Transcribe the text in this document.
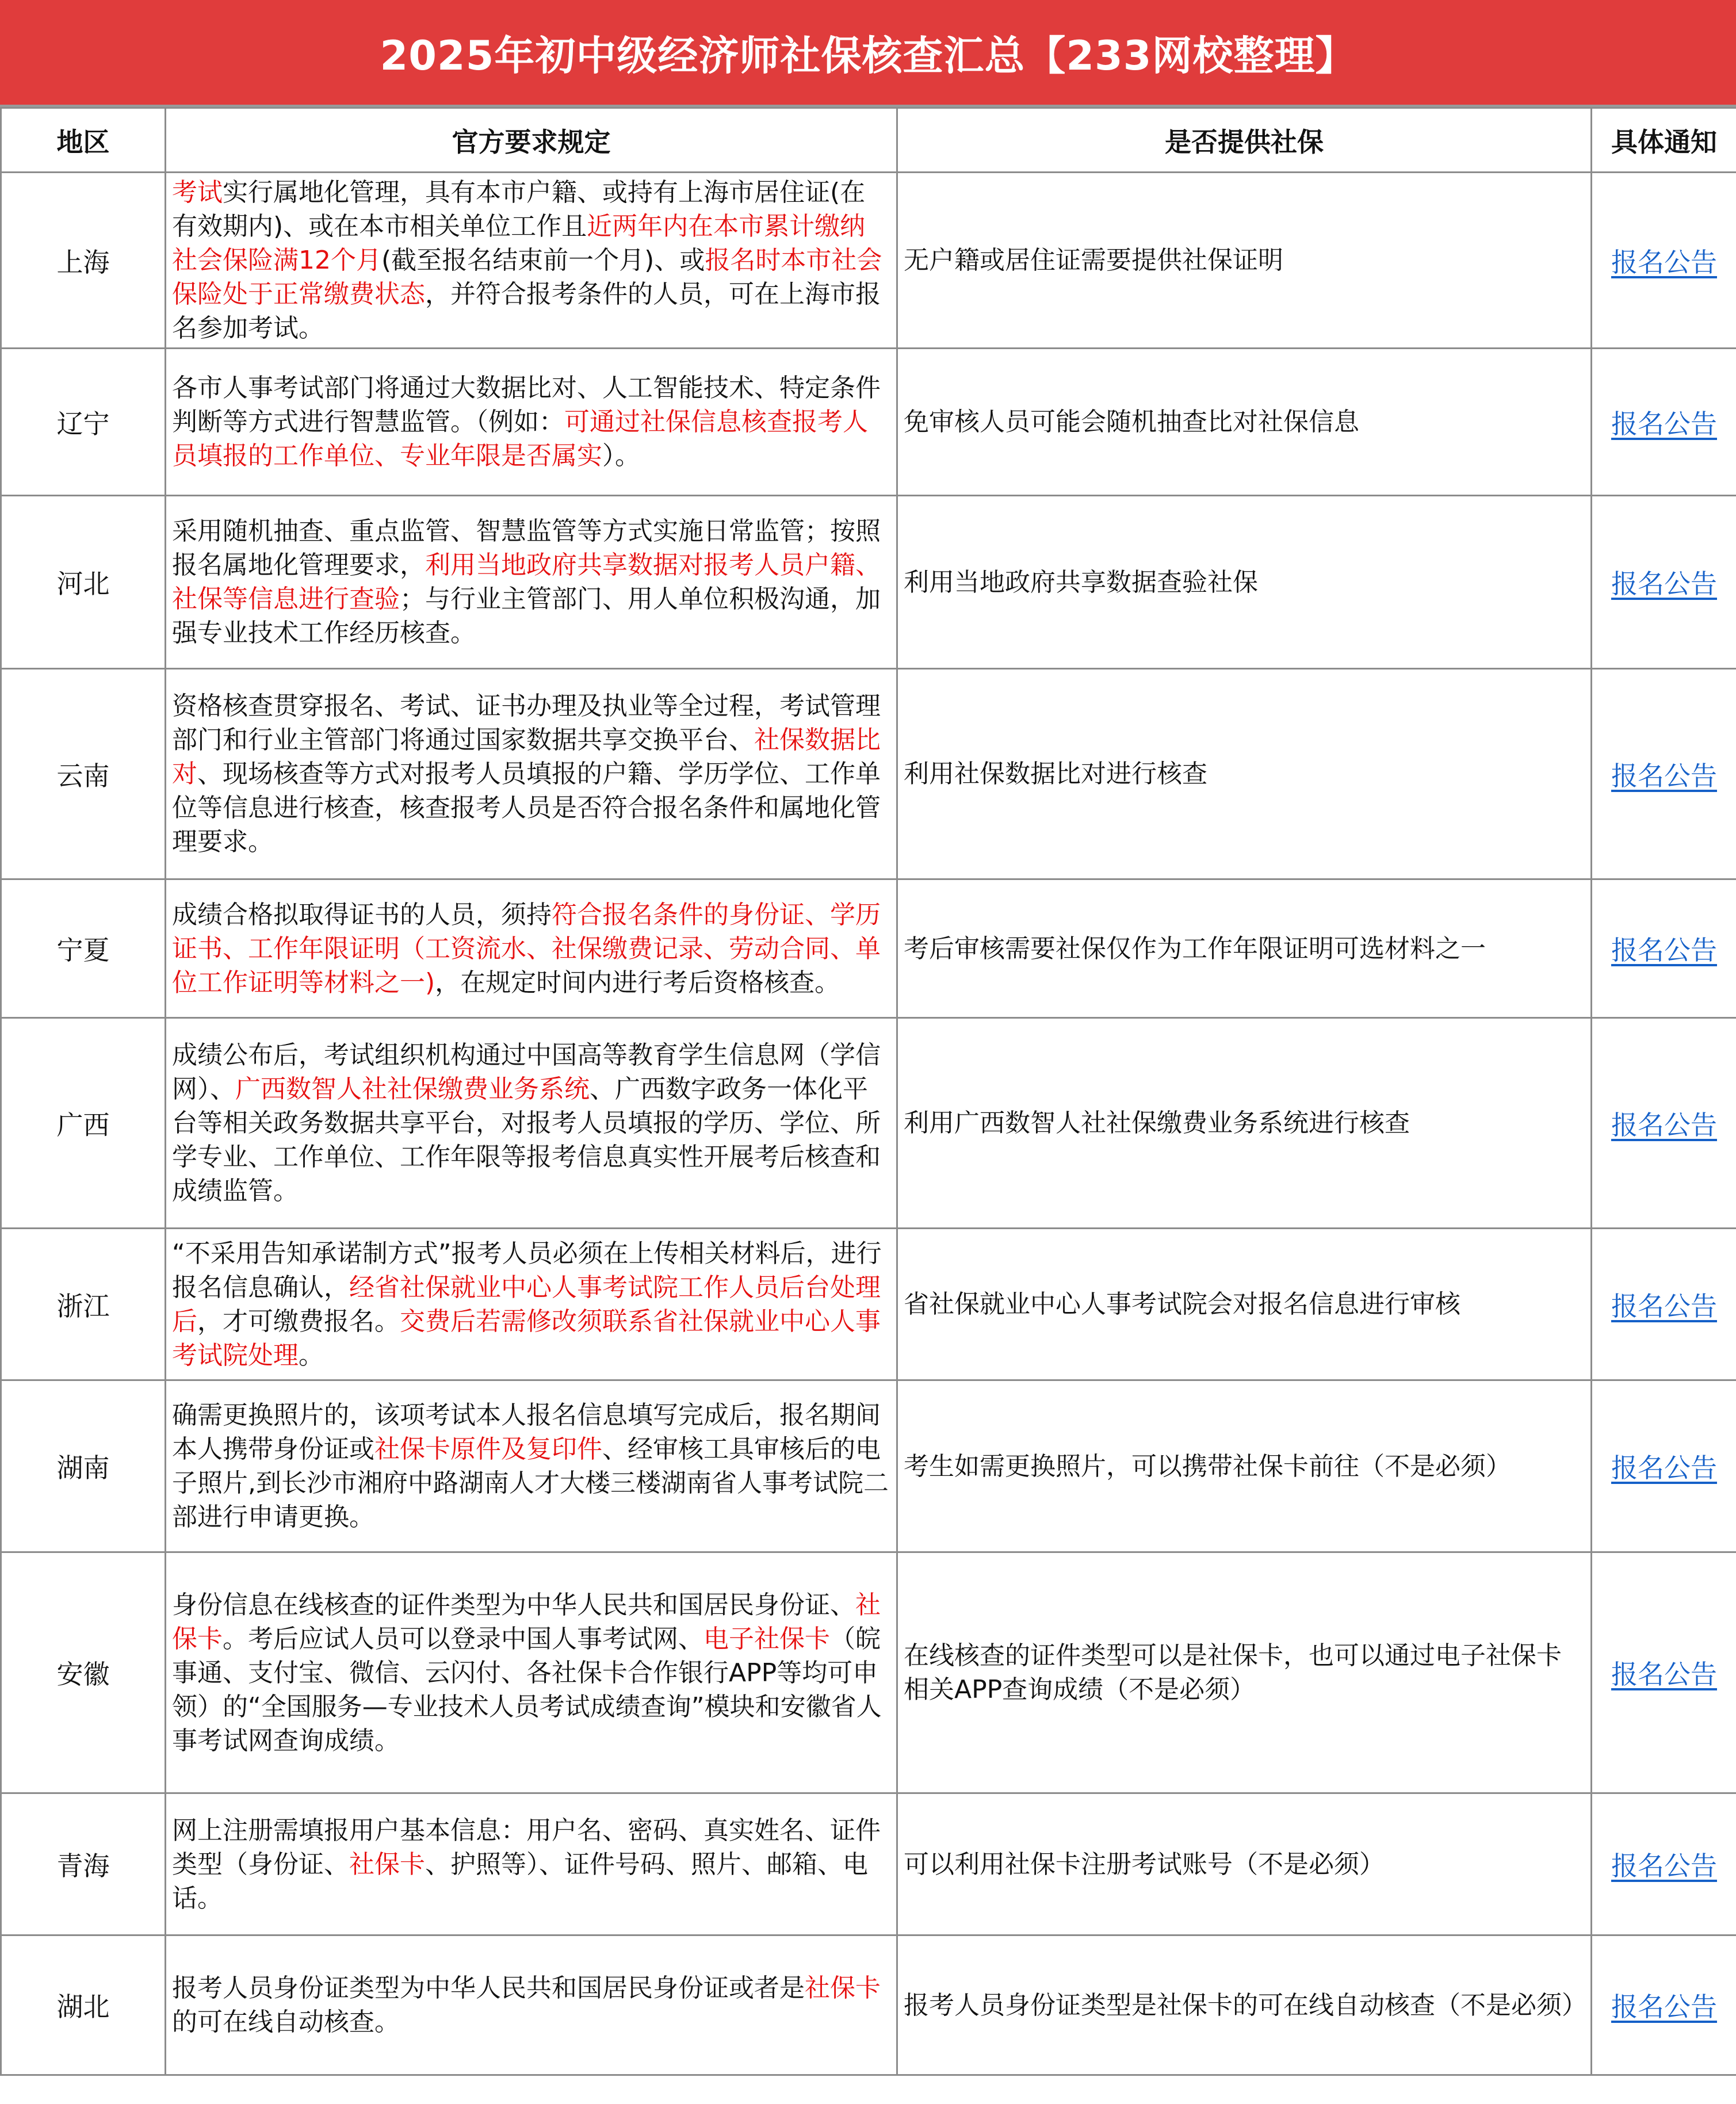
2025年初中级经济师社保核查汇总【233网校整理】
地区	官方要求规定	是否提供社保	具体通知
上海	考试实行属地化管理，具有本市户籍、或持有上海市居住证(在有效期内)、或在本市相关单位工作且近两年内在本市累计缴纳社会保险满12个月(截至报名结束前一个月)、或报名时本市社会保险处于正常缴费状态，并符合报考条件的人员，可在上海市报名参加考试。	无户籍或居住证需要提供社保证明	报名公告
辽宁	各市人事考试部门将通过大数据比对、人工智能技术、特定条件判断等方式进行智慧监管。（例如：可通过社保信息核查报考人员填报的工作单位、专业年限是否属实）。	免审核人员可能会随机抽查比对社保信息	报名公告
河北	采用随机抽查、重点监管、智慧监管等方式实施日常监管；按照报名属地化管理要求，利用当地政府共享数据对报考人员户籍、社保等信息进行查验；与行业主管部门、用人单位积极沟通，加强专业技术工作经历核查。	利用当地政府共享数据查验社保	报名公告
云南	资格核查贯穿报名、考试、证书办理及执业等全过程，考试管理部门和行业主管部门将通过国家数据共享交换平台、社保数据比对、现场核查等方式对报考人员填报的户籍、学历学位、工作单位等信息进行核查，核查报考人员是否符合报名条件和属地化管理要求。	利用社保数据比对进行核查	报名公告
宁夏	成绩合格拟取得证书的人员，须持符合报名条件的身份证、学历证书、工作年限证明（工资流水、社保缴费记录、劳动合同、单位工作证明等材料之一)，在规定时间内进行考后资格核查。	考后审核需要社保仅作为工作年限证明可选材料之一	报名公告
广西	成绩公布后，考试组织机构通过中国高等教育学生信息网（学信网）、广西数智人社社保缴费业务系统、广西数字政务一体化平台等相关政务数据共享平台，对报考人员填报的学历、学位、所学专业、工作单位、工作年限等报考信息真实性开展考后核查和成绩监管。	利用广西数智人社社保缴费业务系统进行核查	报名公告
浙江	“不采用告知承诺制方式”报考人员必须在上传相关材料后，进行报名信息确认，经省社保就业中心人事考试院工作人员后台处理后，才可缴费报名。交费后若需修改须联系省社保就业中心人事考试院处理。	省社保就业中心人事考试院会对报名信息进行审核	报名公告
湖南	确需更换照片的，该项考试本人报名信息填写完成后，报名期间本人携带身份证或社保卡原件及复印件、经审核工具审核后的电子照片,到长沙市湘府中路湖南人才大楼三楼湖南省人事考试院二部进行申请更换。	考生如需更换照片，可以携带社保卡前往（不是必须）	报名公告
安徽	身份信息在线核查的证件类型为中华人民共和国居民身份证、社保卡。考后应试人员可以登录中国人事考试网、电子社保卡（皖事通、支付宝、微信、云闪付、各社保卡合作银行APP等均可申领）的“全国服务—专业技术人员考试成绩查询”模块和安徽省人事考试网查询成绩。	在线核查的证件类型可以是社保卡，也可以通过电子社保卡相关APP查询成绩（不是必须）	报名公告
青海	网上注册需填报用户基本信息：用户名、密码、真实姓名、证件类型（身份证、社保卡、护照等）、证件号码、照片、邮箱、电话。	可以利用社保卡注册考试账号（不是必须）	报名公告
湖北	报考人员身份证类型为中华人民共和国居民身份证或者是社保卡的可在线自动核查。	报考人员身份证类型是社保卡的可在线自动核查（不是必须）	报名公告
